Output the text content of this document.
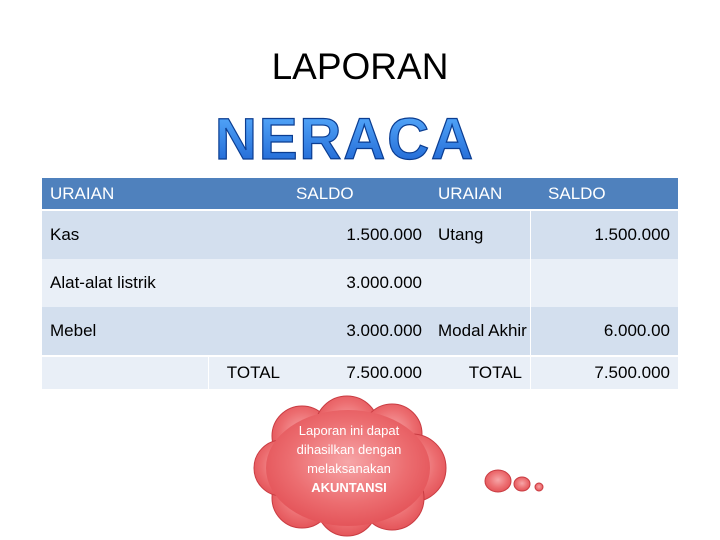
LAPORAN
NERACA
URAIAN		SALDO	URAIAN	SALDO
Kas		1.500.000	Utang	1.500.000
Alat-alat listrik		3.000.000		
Mebel		3.000.000	Modal Akhir	6.000.00
	TOTAL	7.500.000	TOTAL	7.500.000
Laporan ini dapat
dihasilkan dengan
melaksanakan
AKUNTANSI
